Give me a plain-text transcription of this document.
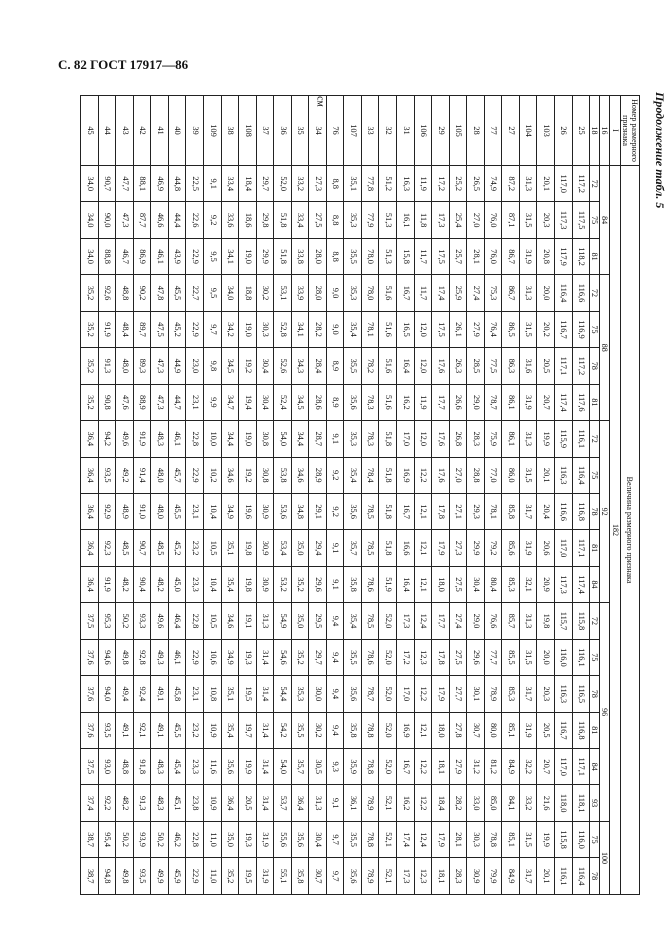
С. 82 ГОСТ 17917—86
Продолжение табл. 5
см	Номер размерного признака	Величина размерного признака																			
I	182																			
16	84			88				92					96						100	
18	72	75	81	72	75	78	81	72	75	78	81	84	72	75	78	81	84	93	75	78
25	117,2	117,5	118,2	116,6	116,9	117,2	117,6	116,1	116,4	116,8	117,1	117,4	115,8	116,1	116,5	116,8	117,1	118,1	116,0	116,4
26	117,0	117,3	117,9	116,4	116,7	117,1	117,4	115,9	116,3	116,6	117,0	117,3	115,7	116,0	116,3	116,7	117,0	118,0	115,8	116,1
103	20,1	20,3	20,8	20,0	20,2	20,5	20,7	19,9	20,1	20,4	20,6	20,9	19,8	20,0	20,3	20,5	20,7	21,6	19,9	20,1
104	31,3	31,5	31,9	31,3	31,5	31,6	31,9	31,3	31,5	31,7	31,9	32,1	31,3	31,5	31,7	31,9	32,2	33,2	31,5	31,7
27	87,2	87,1	86,7	86,7	86,5	86,3	86,1	86,1	86,0	85,8	85,6	85,3	85,7	85,5	85,3	85,1	84,9	84,1	85,1	84,9
77	74,9	76,0	76,0	75,3	76,4	77,5	78,7	75,9	77,0	78,1	79,2	80,4	76,6	77,7	78,9	80,0	81,2	85,0	78,8	79,9
28	26,5	27,0	28,1	27,4	27,9	28,5	29,0	28,3	28,8	29,3	29,9	30,4	29,0	29,6	30,1	30,7	31,2	33,0	30,3	30,9
105	25,2	25,4	25,7	25,9	26,1	26,3	26,6	26,8	27,0	27,1	27,3	27,5	27,4	27,5	27,7	27,8	27,9	28,2	28,1	28,3
29	17,2	17,3	17,5	17,4	17,5	17,6	17,7	17,6	17,6	17,8	17,9	18,0	17,7	17,8	17,9	18,0	18,1	18,4	17,9	18,1
106	11,9	11,8	11,7	11,7	12,0	12,0	11,9	12,0	12,2	12,1	12,1	12,1	12,4	12,3	12,2	12,1	12,2	12,2	12,4	12,3
31	16,3	16,1	15,8	16,7	16,5	16,4	16,2	17,0	16,9	16,7	16,6	16,4	17,3	17,2	17,0	16,9	16,7	16,2	17,4	17,3
32	51,2	51,3	51,3	51,6	51,6	51,6	51,6	51,8	51,8	51,8	51,8	51,9	52,0	52,0	52,0	52,0	52,0	52,1	52,1	52,1
33	77,8	77,9	78,0	78,0	78,1	78,2	78,3	78,3	78,4	78,5	78,5	78,6	78,5	78,6	78,7	78,8	78,8	78,9	78,8	78,9
107	35,1	35,3	35,5	35,3	35,4	35,5	35,6	35,3	35,4	35,6	35,7	35,8	35,4	35,5	35,6	35,8	35,9	36,1	35,5	35,6
76	8,8	8,8	8,8	9,0	9,0	8,9	8,9	9,1	9,2	9,2	9,1	9,1	9,4	9,4	9,4	9,4	9,3	9,1	9,7	9,7
34	27,3	27,5	28,0	28,0	28,2	28,4	28,6	28,7	28,9	29,1	29,4	29,6	29,5	29,7	30,0	30,2	30,5	31,3	30,4	30,7
35	33,2	33,4	33,8	33,9	34,1	34,3	34,5	34,4	34,6	34,8	35,0	35,2	35,0	35,2	35,3	35,5	35,7	36,4	35,6	35,8
36	52,0	51,8	51,8	53,1	52,8	52,6	52,4	54,0	53,8	53,6	53,4	53,2	54,9	54,6	54,4	54,2	54,0	53,7	55,6	55,1
37	29,7	29,8	29,9	30,2	30,3	30,4	30,4	30,8	30,8	30,9	30,9	30,9	31,3	31,4	31,4	31,4	31,4	31,4	31,9	31,9
108	18,4	18,6	19,0	18,8	19,0	19,2	19,4	19,0	19,2	19,6	19,8	19,8	19,1	19,3	19,5	19,7	19,9	20,5	19,3	19,5
38	33,4	33,6	34,1	34,0	34,2	34,5	34,7	34,4	34,6	34,9	35,1	35,4	34,6	34,9	35,1	35,4	35,6	36,4	35,0	35,2
109	9,1	9,2	9,5	9,5	9,7	9,8	9,9	10,0	10,2	10,4	10,5	10,4	10,5	10,6	10,8	10,9	11,6	10,9	11,0	11,0
39	22,5	22,6	22,9	22,7	22,9	23,0	23,1	22,8	22,9	23,1	23,2	23,3	22,8	22,9	23,1	23,2	23,3	23,8	22,8	22,9
40	44,8	44,4	43,9	45,5	45,2	44,9	44,7	46,1	45,7	45,5	45,2	45,0	46,4	46,1	45,8	45,5	45,4	45,1	46,2	45,9
41	46,9	46,6	46,1	47,8	47,5	47,3	47,3	48,3	48,0	48,0	48,5	48,2	49,6	49,3	49,1	49,1	48,3	48,3	50,2	49,9
42	88,1	87,7	86,9	90,2	89,7	89,3	88,9	91,9	91,4	91,0	90,7	90,4	93,3	92,8	92,4	92,1	91,8	91,3	93,9	93,5
43	47,7	47,3	46,7	48,8	48,4	48,0	47,6	49,6	49,2	48,9	48,5	48,2	50,2	49,8	49,4	49,1	48,8	48,2	50,2	49,8
44	90,7	90,0	88,8	92,6	91,9	91,3	90,8	94,2	93,5	92,9	92,3	91,9	95,3	94,6	94,0	93,5	93,0	92,2	95,4	94,8
45	34,0	34,0	34,0	35,2	35,2	35,2	35,2	36,4	36,4	36,4	36,4	36,4	37,5	37,6	37,6	37,6	37,5	37,4	38,7	38,7
